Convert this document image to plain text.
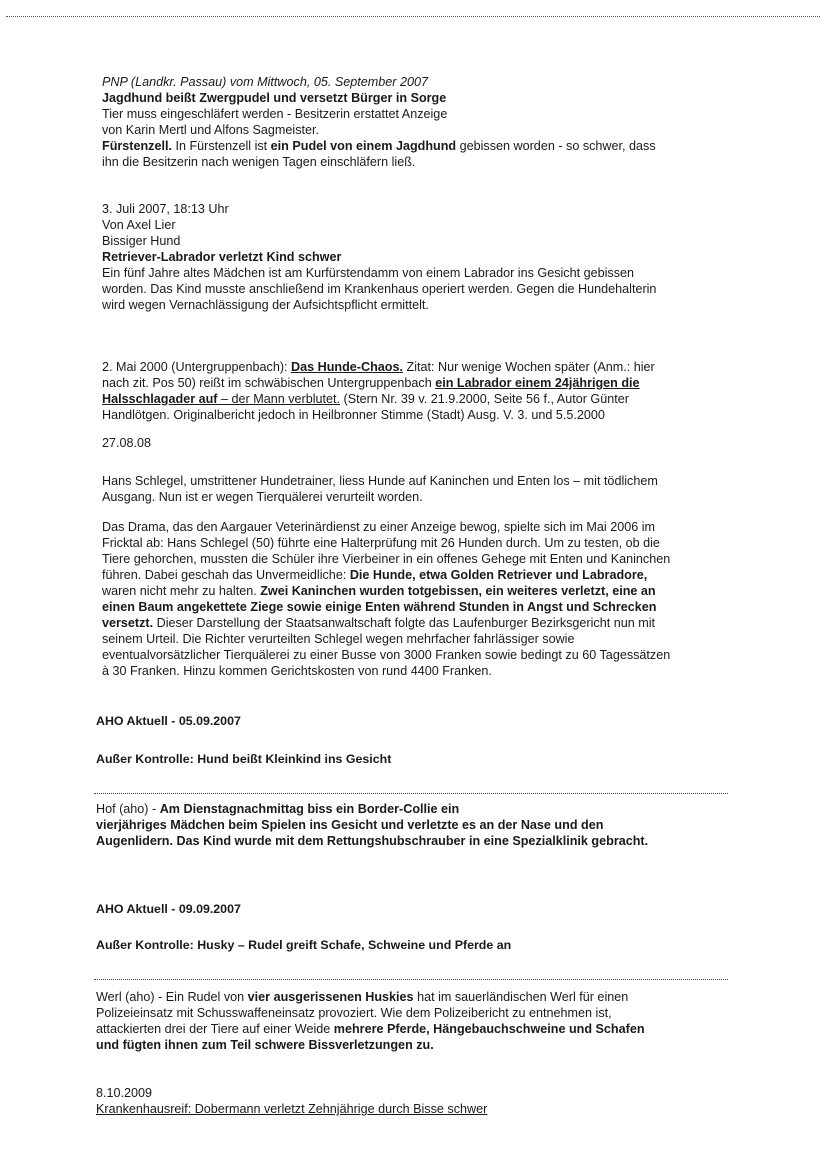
PNP (Landkr. Passau) vom Mittwoch, 05. September 2007

Jagdhund beißt Zwergpudel und versetzt Bürger in Sorge

Tier muss eingeschläfert werden - Besitzerin erstattet Anzeige

von Karin Mertl und Alfons Sagmeister.

Fürstenzell. In Fürstenzell ist ein Pudel von einem Jagdhund gebissen worden - so schwer, dass

ihn die Besitzerin nach wenigen Tagen einschläfern ließ.

3. Juli 2007, 18:13 Uhr

Von Axel Lier

Bissiger Hund

Retriever-Labrador verletzt Kind schwer

Ein fünf Jahre altes Mädchen ist am Kurfürstendamm von einem Labrador ins Gesicht gebissen

worden. Das Kind musste anschließend im Krankenhaus operiert werden. Gegen die Hundehalterin

wird wegen Vernachlässigung der Aufsichtspflicht ermittelt.

2. Mai 2000 (Untergruppenbach): Das Hunde-Chaos. Zitat: Nur wenige Wochen später (Anm.: hier

nach zit. Pos 50) reißt im schwäbischen Untergruppenbach ein Labrador einem 24jährigen die

Halsschlagader auf – der Mann verblutet. (Stern Nr. 39 v. 21.9.2000, Seite 56 f., Autor Günter

Handlötgen. Originalbericht jedoch in Heilbronner Stimme (Stadt) Ausg. V. 3. und 5.5.2000

27.08.08

Hans Schlegel, umstrittener Hundetrainer, liess Hunde auf Kaninchen und Enten los – mit tödlichem

Ausgang. Nun ist er wegen Tierquälerei verurteilt worden.

Das Drama, das den Aargauer Veterinärdienst zu einer Anzeige bewog, spielte sich im Mai 2006 im

Fricktal ab: Hans Schlegel (50) führte eine Halterprüfung mit 26 Hunden durch. Um zu testen, ob die

Tiere gehorchen, mussten die Schüler ihre Vierbeiner in ein offenes Gehege mit Enten und Kaninchen

führen. Dabei geschah das Unvermeidliche: Die Hunde, etwa Golden Retriever und Labradore,

waren nicht mehr zu halten. Zwei Kaninchen wurden totgebissen, ein weiteres verletzt, eine an

einen Baum angekettete Ziege sowie einige Enten während Stunden in Angst und Schrecken

versetzt. Dieser Darstellung der Staatsanwaltschaft folgte das Laufenburger Bezirksgericht nun mit

seinem Urteil. Die Richter verurteilten Schlegel wegen mehrfacher fahrlässiger sowie

eventualvorsätzlicher Tierquälerei zu einer Busse von 3000 Franken sowie bedingt zu 60 Tagessätzen

à 30 Franken. Hinzu kommen Gerichtskosten von rund 4400 Franken.

AHO Aktuell - 05.09.2007
Außer Kontrolle: Hund beißt Kleinkind ins Gesicht

Hof (aho) - Am Dienstagnachmittag biss ein Border-Collie ein

vierjähriges Mädchen beim Spielen ins Gesicht und verletzte es an der Nase und den

Augenlidern. Das Kind wurde mit dem Rettungshubschrauber in eine Spezialklinik gebracht.

AHO Aktuell - 09.09.2007
Außer Kontrolle: Husky – Rudel greift Schafe, Schweine und Pferde an

Werl (aho) - Ein Rudel von vier ausgerissenen Huskies hat im sauerländischen Werl für einen

Polizeieinsatz mit Schusswaffeneinsatz provoziert. Wie dem Polizeibericht zu entnehmen ist,

attackierten drei der Tiere auf einer Weide mehrere Pferde, Hängebauchschweine und Schafen

und fügten ihnen zum Teil schwere Bissverletzungen zu.

8.10.2009

Krankenhausreif: Dobermann verletzt Zehnjährige durch Bisse schwer
